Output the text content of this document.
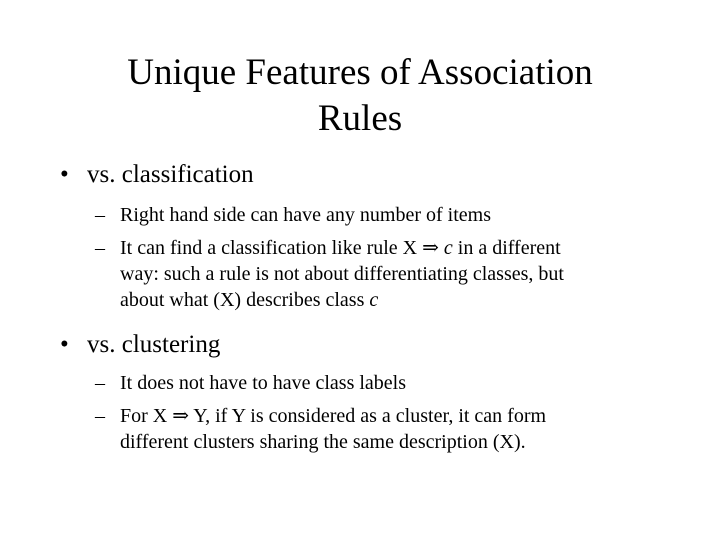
Unique Features of Association
Rules
• vs. classification
– Right hand side can have any number of items
– It can find a classification like rule X ⇒ c in a different
way: such a rule is not about differentiating classes, but
about what (X) describes class c
• vs. clustering
– It does not have to have class labels
– For X ⇒ Y, if Y is considered as a cluster, it can form
different clusters sharing the same description (X).
